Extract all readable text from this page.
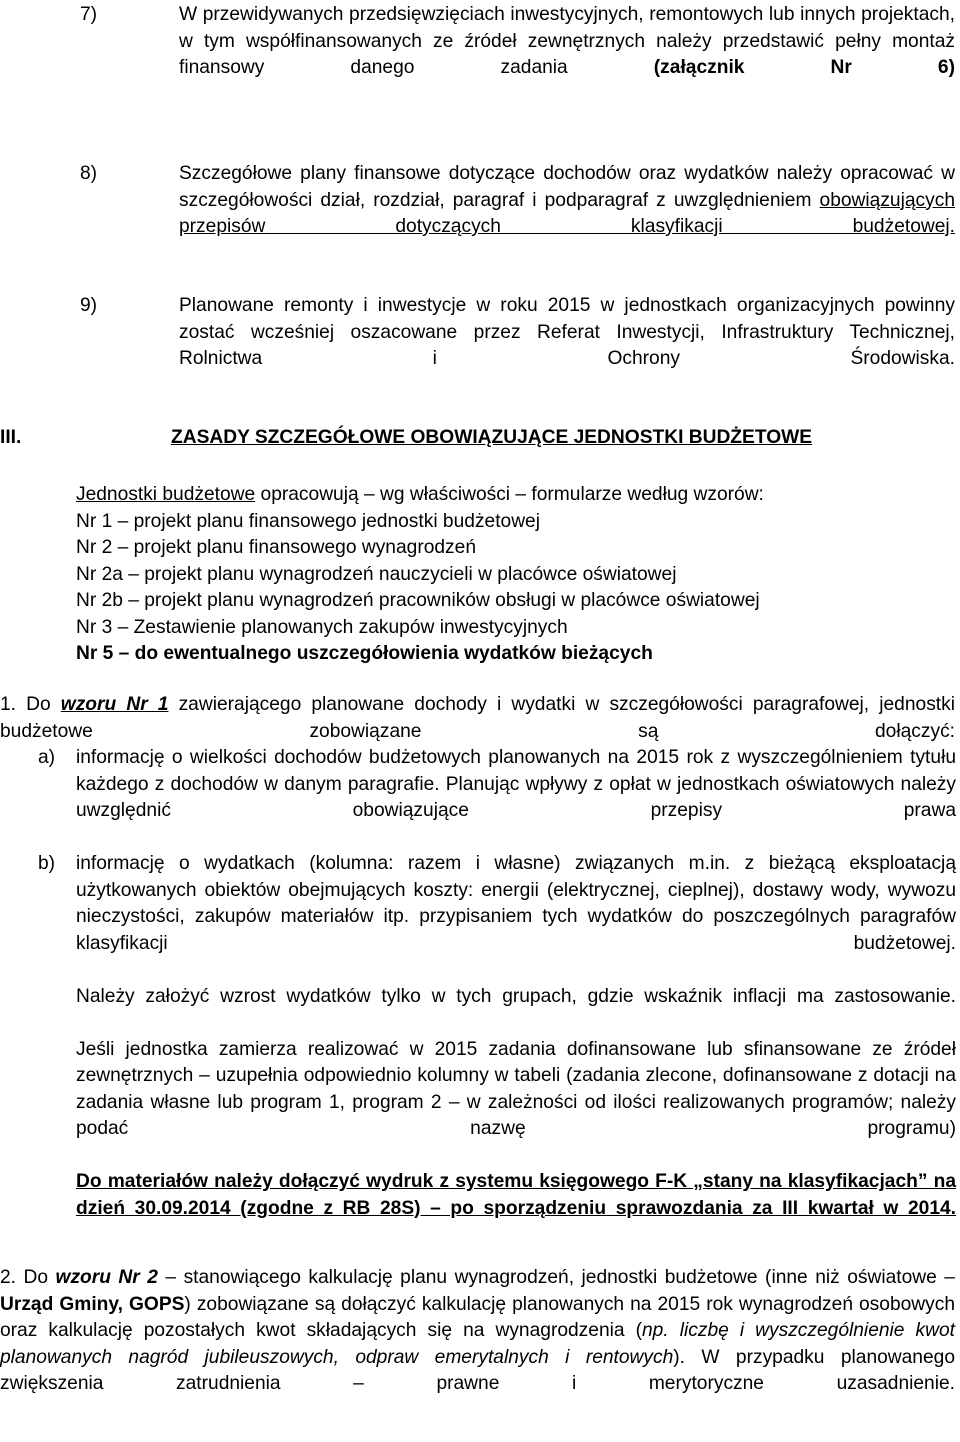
7)	W przewidywanych przedsięwzięciach inwestycyjnych, remontowych lub innych projektach, w tym współfinansowanych ze źródeł zewnętrznych należy przedstawić pełny montaż finansowy danego zadania (załącznik Nr 6)
8)	Szczegółowe plany finansowe dotyczące dochodów oraz wydatków należy opracować w szczegółowości dział, rozdział, paragraf i podparagraf z uwzględnieniem obowiązujących przepisów dotyczących klasyfikacji budżetowej.
9)	Planowane remonty i inwestycje w roku 2015 w jednostkach organizacyjnych powinny zostać wcześniej oszacowane przez Referat Inwestycji, Infrastruktury Technicznej, Rolnictwa i Ochrony Środowiska.
III.	ZASADY SZCZEGÓŁOWE OBOWIĄZUJĄCE JEDNOSTKI BUDŻETOWE
Jednostki budżetowe opracowują – wg właściwości – formularze według wzorów:
Nr 1 – projekt planu finansowego jednostki budżetowej
Nr 2 – projekt planu finansowego wynagrodzeń
Nr 2a – projekt planu wynagrodzeń nauczycieli w placówce oświatowej
Nr 2b – projekt planu wynagrodzeń pracowników obsługi w placówce oświatowej
Nr 3 – Zestawienie planowanych zakupów inwestycyjnych
Nr 5 – do ewentualnego uszczegółowienia wydatków bieżących
1. Do wzoru Nr 1 zawierającego planowane dochody i wydatki w szczegółowości paragrafowej, jednostki budżetowe zobowiązane są dołączyć:
a) informację o wielkości dochodów budżetowych planowanych na 2015 rok z wyszczególnieniem tytułu każdego z dochodów w danym paragrafie. Planując wpływy z opłat w jednostkach oświatowych należy uwzględnić obowiązujące przepisy prawa
b) informację o wydatkach (kolumna: razem i własne) związanych m.in. z bieżącą eksploatacją użytkowanych obiektów obejmujących koszty: energii (elektrycznej, cieplnej), dostawy wody, wywozu nieczystości, zakupów materiałów itp. przypisaniem tych wydatków do poszczególnych paragrafów klasyfikacji budżetowej.
Należy założyć wzrost wydatków tylko w tych grupach, gdzie wskaźnik inflacji ma zastosowanie.
Jeśli jednostka zamierza realizować w 2015 zadania dofinansowane lub sfinansowane ze źródeł zewnętrznych – uzupełnia odpowiednio kolumny w tabeli (zadania zlecone, dofinansowane z dotacji na zadania własne lub program 1, program 2 – w zależności od ilości realizowanych programów; należy podać nazwę programu)
Do materiałów należy dołączyć wydruk z systemu księgowego F-K „stany na klasyfikacjach” na dzień 30.09.2014 (zgodne z RB 28S) – po sporządzeniu sprawozdania za III kwartał w 2014.
2. Do wzoru Nr 2 – stanowiącego kalkulację planu wynagrodzeń, jednostki budżetowe (inne niż oświatowe – Urząd Gminy, GOPS) zobowiązane są dołączyć kalkulację planowanych na 2015 rok wynagrodzeń osobowych oraz kalkulację pozostałych kwot składających się na wynagrodzenia (np. liczbę i wyszczególnienie kwot planowanych nagród jubileuszowych, odpraw emerytalnych i rentowych). W przypadku planowanego zwiększenia zatrudnienia – prawne i merytoryczne uzasadnienie.
